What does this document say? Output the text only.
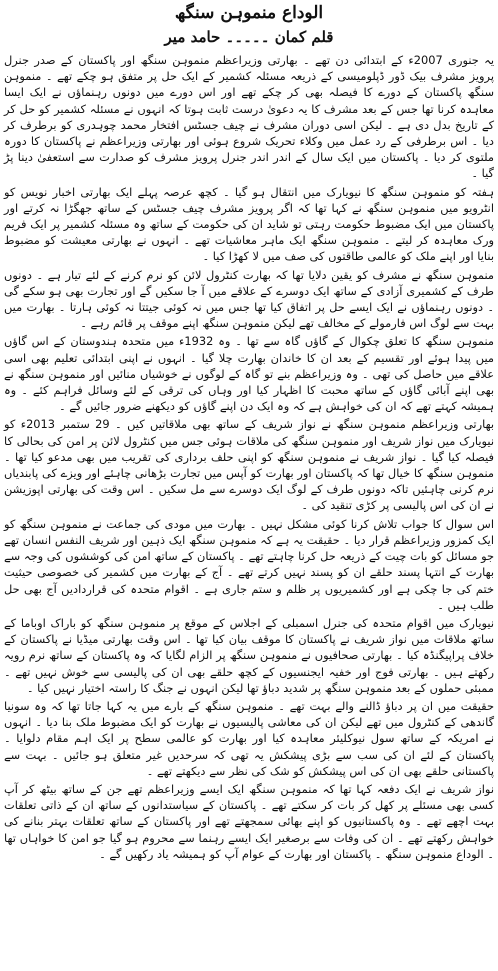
الوداع منموہن سنگھ
قلم کمان ۔۔۔۔۔ حامد میر

یہ جنوری 2007ء کے ابتدائی دن تھے ۔ بھارتی وزیراعظم منموہن سنگھ اور پاکستان کے صدر جنرل پرویز مشرف بیک ڈور ڈپلومیسی کے ذریعہ مسئلہ کشمیر کے ایک حل پر متفق ہو چکے تھے ۔ منموہن سنگھ پاکستان کے دورے کا فیصلہ بھی کر چکے تھے اور اس دورے میں دونوں رہنماؤں نے ایک ایسا معاہدہ کرنا تھا جس کے بعد مشرف کا یہ دعویٰ درست ثابت ہوتا کہ انہوں نے مسئلہ کشمیر کو حل کر کے تاریخ بدل دی ہے ۔ لیکن اسی دوران مشرف نے چیف جسٹس افتخار محمد چوہدری کو برطرف کر دیا ۔ اس برطرفی کے رد عمل میں وکلاء تحریک شروع ہوئی اور بھارتی وزیراعظم نے پاکستان کا دورہ ملتوی کر دیا ۔ پاکستان میں ایک سال کے اندر اندر جنرل پرویز مشرف کو صدارت سے استعفیٰ دینا پڑ گیا ۔

ہفتہ کو منموہن سنگھ کا نیویارک میں انتقال ہو گیا ۔ کچھ عرصہ پہلے ایک بھارتی اخبار نویس کو انٹرویو میں منموہن سنگھ نے کہا تھا کہ اگر پرویز مشرف چیف جسٹس کے ساتھ جھگڑا نہ کرتے اور پاکستان میں ایک مضبوط حکومت رہتی تو شاید ان کی حکومت کے ساتھ وہ مسئلہ کشمیر پر ایک فریم ورک معاہدہ کر لیتے ۔ منموہن سنگھ ایک ماہر معاشیات تھے ۔ انہوں نے بھارتی معیشت کو مضبوط بنایا اور اپنے ملک کو عالمی طاقتوں کی صف میں لا کھڑا کیا ۔

منموہن سنگھ نے مشرف کو یقین دلایا تھا کہ بھارت کنٹرول لائن کو نرم کرنے کے لئے تیار ہے ۔ دونوں طرف کے کشمیری آزادی کے ساتھ ایک دوسرے کے علاقے میں آ جا سکیں گے اور تجارت بھی ہو سکے گی ۔ دونوں رہنماؤں نے ایک ایسے حل پر اتفاق کیا تھا جس میں نہ کوئی جیتتا نہ کوئی ہارتا ۔ بھارت میں بہت سے لوگ اس فارمولے کے مخالف تھے لیکن منموہن سنگھ اپنے موقف پر قائم رہے ۔

منموہن سنگھ کا تعلق چکوال کے گاؤں گاہ سے تھا ۔ وہ 1932ء میں متحدہ ہندوستان کے اس گاؤں میں پیدا ہوئے اور تقسیم کے بعد ان کا خاندان بھارت چلا گیا ۔ انہوں نے اپنی ابتدائی تعلیم بھی اسی علاقے میں حاصل کی تھی ۔ وہ وزیراعظم بنے تو گاہ کے لوگوں نے خوشیاں منائیں اور منموہن سنگھ نے بھی اپنے آبائی گاؤں کے ساتھ محبت کا اظہار کیا اور وہاں کی ترقی کے لئے وسائل فراہم کئے ۔ وہ ہمیشہ کہتے تھے کہ ان کی خواہش ہے کہ وہ ایک دن اپنے گاؤں کو دیکھنے ضرور جائیں گے ۔

بھارتی وزیراعظم منموہن سنگھ نے نواز شریف کے ساتھ بھی ملاقاتیں کیں ۔ 29 ستمبر 2013ء کو نیویارک میں نواز شریف اور منموہن سنگھ کی ملاقات ہوئی جس میں کنٹرول لائن پر امن کی بحالی کا فیصلہ کیا گیا ۔ نواز شریف نے منموہن سنگھ کو اپنی حلف برداری کی تقریب میں بھی مدعو کیا تھا ۔ منموہن سنگھ کا خیال تھا کہ پاکستان اور بھارت کو آپس میں تجارت بڑھانی چاہئے اور ویزے کی پابندیاں نرم کرنی چاہئیں تاکہ دونوں طرف کے لوگ ایک دوسرے سے مل سکیں ۔ اس وقت کی بھارتی اپوزیشن نے ان کی اس پالیسی پر کڑی تنقید کی ۔

اس سوال کا جواب تلاش کرنا کوئی مشکل نہیں ۔ بھارت میں مودی کی جماعت نے منموہن سنگھ کو ایک کمزور وزیراعظم قرار دیا ۔ حقیقت یہ ہے کہ منموہن سنگھ ایک ذہین اور شریف النفس انسان تھے جو مسائل کو بات چیت کے ذریعہ حل کرنا چاہتے تھے ۔ پاکستان کے ساتھ امن کی کوششوں کی وجہ سے بھارت کے انتہا پسند حلقے ان کو پسند نہیں کرتے تھے ۔ آج کے بھارت میں کشمیر کی خصوصی حیثیت ختم کی جا چکی ہے اور کشمیریوں پر ظلم و ستم جاری ہے ۔ اقوام متحدہ کی قراردادیں آج بھی حل طلب ہیں ۔

نیویارک میں اقوام متحدہ کی جنرل اسمبلی کے اجلاس کے موقع پر منموہن سنگھ کو باراک اوباما کے ساتھ ملاقات میں نواز شریف نے پاکستان کا موقف بیان کیا تھا ۔ اس وقت بھارتی میڈیا نے پاکستان کے خلاف پراپیگنڈہ کیا ۔ بھارتی صحافیوں نے منموہن سنگھ پر الزام لگایا کہ وہ پاکستان کے ساتھ نرم رویہ رکھتے ہیں ۔ بھارتی فوج اور خفیہ ایجنسیوں کے کچھ حلقے بھی ان کی پالیسی سے خوش نہیں تھے ۔ ممبئی حملوں کے بعد منموہن سنگھ پر شدید دباؤ تھا لیکن انہوں نے جنگ کا راستہ اختیار نہیں کیا ۔

حقیقت میں ان پر دباؤ ڈالنے والے بہت تھے ۔ منموہن سنگھ کے بارے میں یہ کہا جاتا تھا کہ وہ سونیا گاندھی کے کنٹرول میں تھے لیکن ان کی معاشی پالیسیوں نے بھارت کو ایک مضبوط ملک بنا دیا ۔ انہوں نے امریکہ کے ساتھ سول نیوکلیئر معاہدہ کیا اور بھارت کو عالمی سطح پر ایک اہم مقام دلوایا ۔ پاکستان کے لئے ان کی سب سے بڑی پیشکش یہ تھی کہ سرحدیں غیر متعلق ہو جائیں ۔ بہت سے پاکستانی حلقے بھی ان کی اس پیشکش کو شک کی نظر سے دیکھتے تھے ۔

نواز شریف نے ایک دفعہ کہا تھا کہ منموہن سنگھ ایک ایسے وزیراعظم تھے جن کے ساتھ بیٹھ کر آپ کسی بھی مسئلے پر کھل کر بات کر سکتے تھے ۔ پاکستان کے سیاستدانوں کے ساتھ ان کے ذاتی تعلقات بہت اچھے تھے ۔ وہ پاکستانیوں کو اپنے بھائی سمجھتے تھے اور پاکستان کے ساتھ تعلقات بہتر بنانے کی خواہش رکھتے تھے ۔ ان کی وفات سے برصغیر ایک ایسے رہنما سے محروم ہو گیا جو امن کا خواہاں تھا ۔ الوداع منموہن سنگھ ۔ پاکستان اور بھارت کے عوام آپ کو ہمیشہ یاد رکھیں گے ۔
